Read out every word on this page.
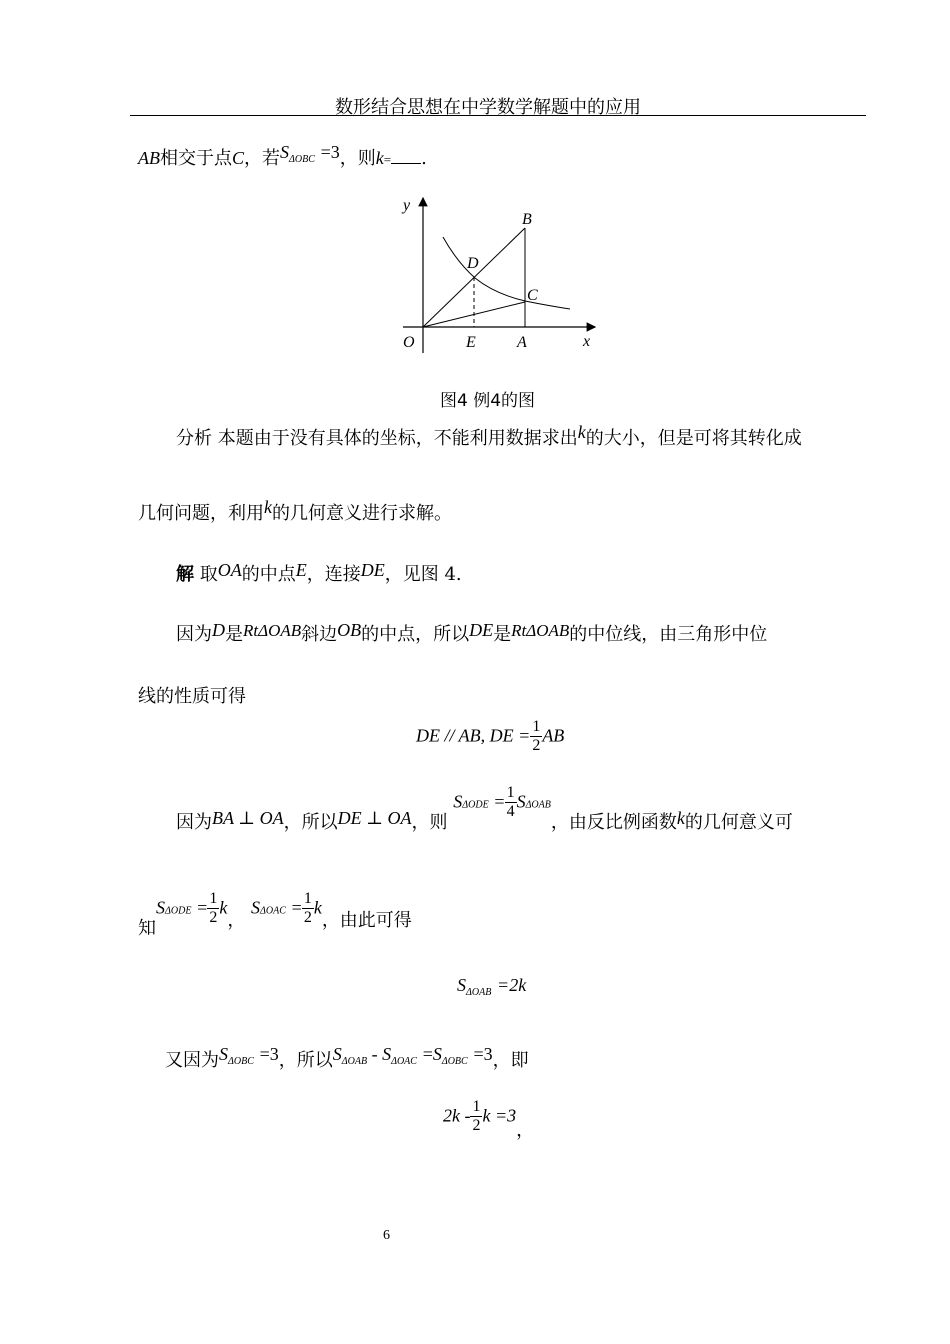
数形结合思想在中学数学解题中的应用
AB相交于点C，若SΔOBC =3，则k= .
y
x
O	E	A
B
C
D
图4 例4的图
分析 本题由于没有具体的坐标，不能利用数据求出k的大小，但是可将其转化成
几何问题，利用k的几何意义进行求解。
解 取OA的中点E，连接DE，见图 4.
因为D是RtΔOAB斜边OB的中点，所以DE是RtΔOAB的中位线，由三角形中位
线的性质可得
DE // AB, DE = $\frac{1}{2}$ AB
因为BA ⊥ OA，所以DE ⊥ OA，则 $S\Delta ODE = \frac{1}{4}$ SΔOAB，由反比例函数k的几何意义可
知$S\Delta ODE = \frac{1}{2}$ k， $S\Delta OAC = \frac{1}{2}$ k，由此可得
$S_{\Delta OAB} =2k$
又因为$S_{\Delta OBC} =3$，所以$S_{\Delta OAB} - S_{\Delta OAC} =S_{\Delta OBC} =3$，即
$2k - \frac{1}{2}$ k =3，
6
